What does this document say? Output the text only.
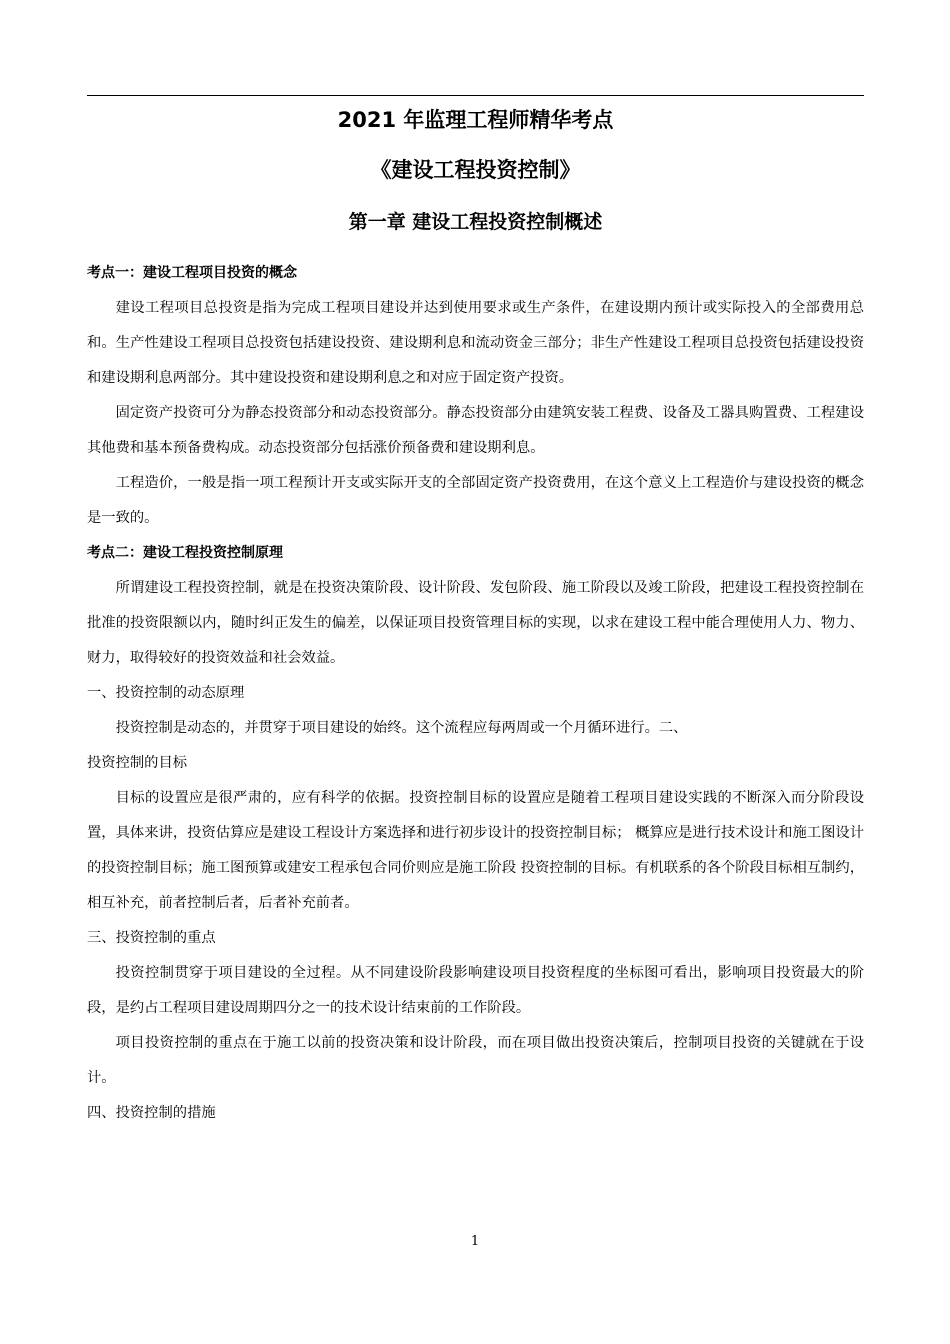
2021 年监理工程师精华考点
《建设工程投资控制》
第一章 建设工程投资控制概述

考点一：建设工程项目投资的概念

建设工程项目总投资是指为完成工程项目建设并达到使用要求或生产条件，在建设期内预计或实际投入的全部费用总和。生产性建设工程项目总投资包括建设投资、建设期利息和流动资金三部分；非生产性建设工程项目总投资包括建设投资和建设期利息两部分。其中建设投资和建设期利息之和对应于固定资产投资。

固定资产投资可分为静态投资部分和动态投资部分。静态投资部分由建筑安装工程费、设备及工器具购置费、工程建设其他费和基本预备费构成。动态投资部分包括涨价预备费和建设期利息。

工程造价，一般是指一项工程预计开支或实际开支的全部固定资产投资费用，在这个意义上工程造价与建设投资的概念是一致的。

考点二：建设工程投资控制原理

所谓建设工程投资控制，就是在投资决策阶段、设计阶段、发包阶段、施工阶段以及竣工阶段，把建设工程投资控制在批准的投资限额以内，随时纠正发生的偏差，以保证项目投资管理目标的实现，以求在建设工程中能合理使用人力、物力、财力，取得较好的投资效益和社会效益。

一、投资控制的动态原理

投资控制是动态的，并贯穿于项目建设的始终。这个流程应每两周或一个月循环进行。二、

投资控制的目标

目标的设置应是很严肃的，应有科学的依据。投资控制目标的设置应是随着工程项目建设实践的不断深入而分阶段设置，具体来讲，投资估算应是建设工程设计方案选择和进行初步设计的投资控制目标； 概算应是进行技术设计和施工图设计的投资控制目标；施工图预算或建安工程承包合同价则应是施工阶段 投资控制的目标。有机联系的各个阶段目标相互制约，相互补充，前者控制后者，后者补充前者。

三、投资控制的重点

投资控制贯穿于项目建设的全过程。从不同建设阶段影响建设项目投资程度的坐标图可看出，影响项目投资最大的阶段，是约占工程项目建设周期四分之一的技术设计结束前的工作阶段。

项目投资控制的重点在于施工以前的投资决策和设计阶段，而在项目做出投资决策后，控制项目投资的关键就在于设计。

四、投资控制的措施

1
